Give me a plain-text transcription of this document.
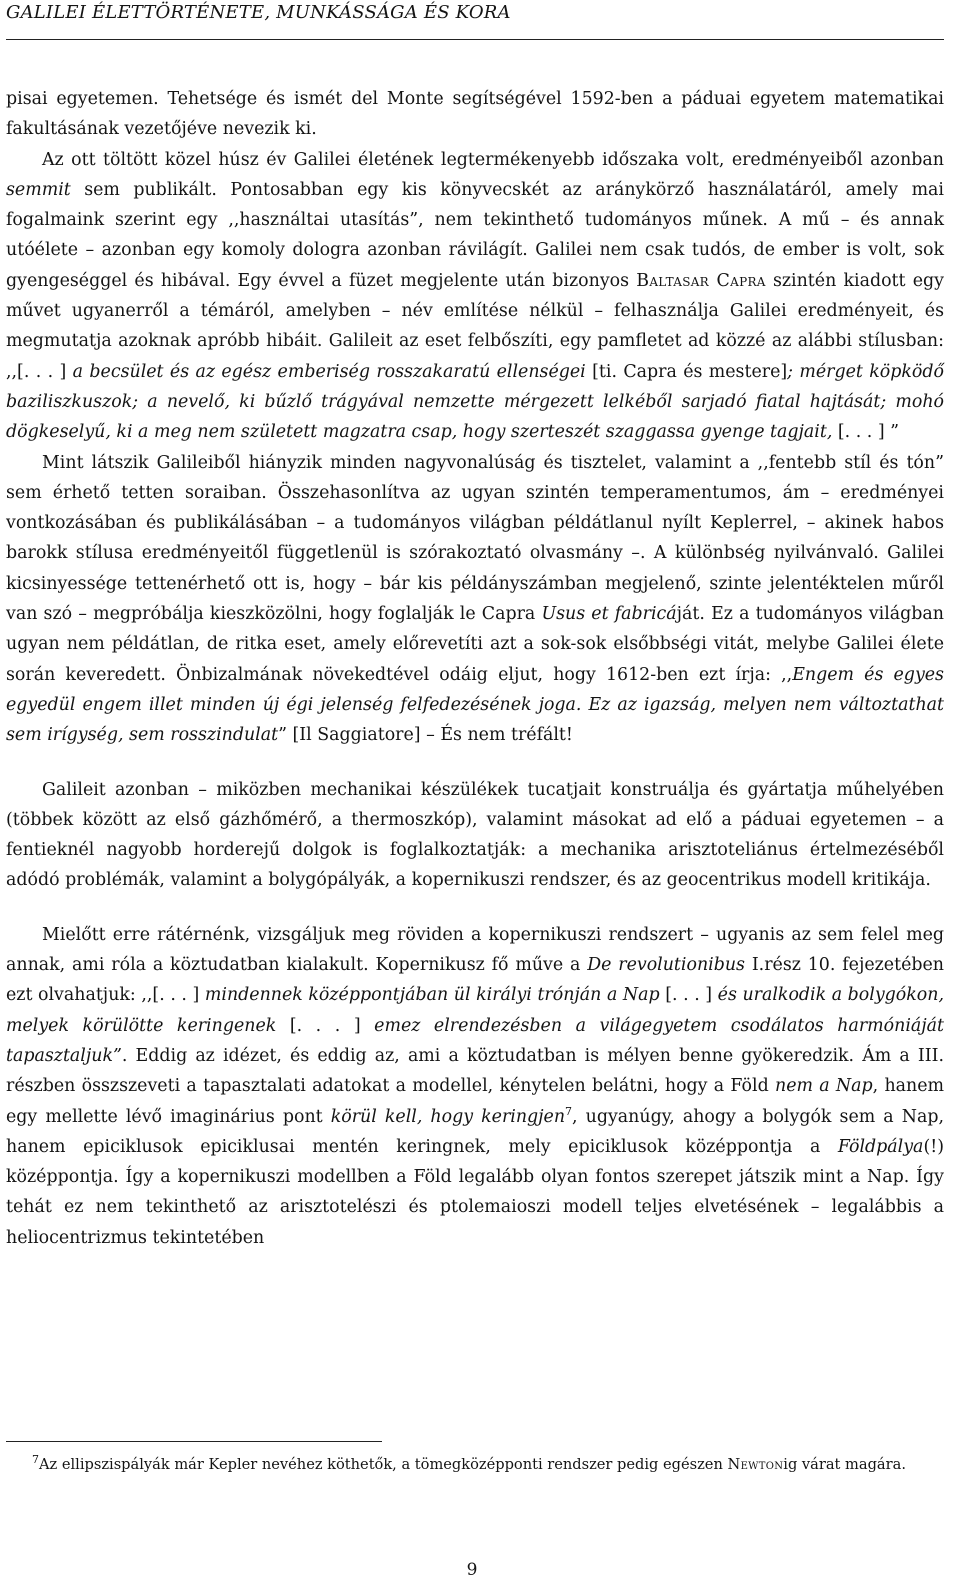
GALILEI ÉLETTÖRTÉNETE, MUNKÁSSÁGA ÉS KORA

pisai egyetemen. Tehetsége és ismét del Monte segítségével 1592-ben a páduai egyetem matematikai fakultásának vezetőjéve nevezik ki.

Az ott töltött közel húsz év Galilei életének legtermékenyebb időszaka volt, eredményeiből azonban semmit sem publikált. Pontosabban egy kis könyvecskét az aránykörző használatáról, amely mai fogalmaink szerint egy ,,használtai utasítás”, nem tekinthető tudományos műnek. A mű – és annak utóélete – azonban egy komoly dologra azonban rávilágít. Galilei nem csak tudós, de ember is volt, sok gyengeséggel és hibával. Egy évvel a füzet megjelente után bizonyos Baltasar Capra szintén kiadott egy művet ugyanerről a témáról, amelyben – név említése nélkül – felhasználja Galilei eredményeit, és megmutatja azoknak apróbb hibáit. Galileit az eset felbőszíti, egy pamfletet ad közzé az alábbi stílusban: ,,[. . . ] a becsület és az egész emberiség rosszakaratú ellenségei [ti. Capra és mestere]; mérget köpködő baziliszkuszok; a nevelő, ki bűzlő trágyával nemzette mérgezett lelkéből sarjadó fiatal hajtását; mohó dögkeselyű, ki a meg nem született magzatra csap, hogy szerteszét szaggassa gyenge tagjait, [. . . ] ”

Mint látszik Galileiből hiányzik minden nagyvonalúság és tisztelet, valamint a ,,fentebb stíl és tón” sem érhető tetten soraiban. Összehasonlítva az ugyan szintén temperamentumos, ám – eredményei vontkozásában és publikálásában – a tudományos világban példátlanul nyílt Keplerrel, – akinek habos barokk stílusa eredményeitől függetlenül is szórakoztató olvasmány –. A különbség nyilvánvaló. Galilei kicsinyessége tettenérhető ott is, hogy – bár kis példányszámban megjelenő, szinte jelentéktelen műről van szó – megpróbálja kieszközölni, hogy foglalják le Capra Usus et fabricáját. Ez a tudományos világban ugyan nem példátlan, de ritka eset, amely előrevetíti azt a sok-sok elsőbbségi vitát, melybe Galilei élete során keveredett. Önbizalmának növekedtével odáig eljut, hogy 1612-ben ezt írja: ,,Engem és egyes egyedül engem illet minden új égi jelenség felfedezésének joga. Ez az igazság, melyen nem változtathat sem irígység, sem rosszindulat” [Il Saggiatore] – És nem tréfált!

Galileit azonban – miközben mechanikai készülékek tucatjait konstruálja és gyártatja műhelyében (többek között az első gázhőmérő, a thermoszkóp), valamint másokat ad elő a páduai egyetemen – a fentieknél nagyobb horderejű dolgok is foglalkoztatják: a mechanika arisztoteliánus értelmezéséből adódó problémák, valamint a bolygópályák, a kopernikuszi rendszer, és az geocentrikus modell kritikája.

Mielőtt erre rátérnénk, vizsgáljuk meg röviden a kopernikuszi rendszert – ugyanis az sem felel meg annak, ami róla a köztudatban kialakult. Kopernikusz fő műve a De revolutionibus I.rész 10. fejezetében ezt olvahatjuk: ,,[. . . ] mindennek középpontjában ül királyi trónján a Nap [. . . ] és uralkodik a bolygókon, melyek körülötte keringenek [. . . ] emez elrendezésben a világegyetem csodálatos harmóniáját tapasztaljuk”. Eddig az idézet, és eddig az, ami a köztudatban is mélyen benne gyökeredzik. Ám a III. részben összszeveti a tapasztalati adatokat a modellel, kénytelen belátni, hogy a Föld nem a Nap, hanem egy mellette lévő imaginárius pont körül kell, hogy keringjen$^7$, ugyanúgy, ahogy a bolygók sem a Nap, hanem epiciklusok epiciklusai mentén keringnek, mely epiciklusok középpontja a Földpálya(!) középpontja. Így a kopernikuszi modellben a Föld legalább olyan fontos szerepet játszik mint a Nap. Így tehát ez nem tekinthető az arisztotelészi és ptolemaioszi modell teljes elvetésének – legalábbis a heliocentrizmus tekintetében

$^7$Az ellipszispályák már Kepler nevéhez köthetők, a tömegközépponti rendszer pedig egészen Newtonig várat magára.
9
